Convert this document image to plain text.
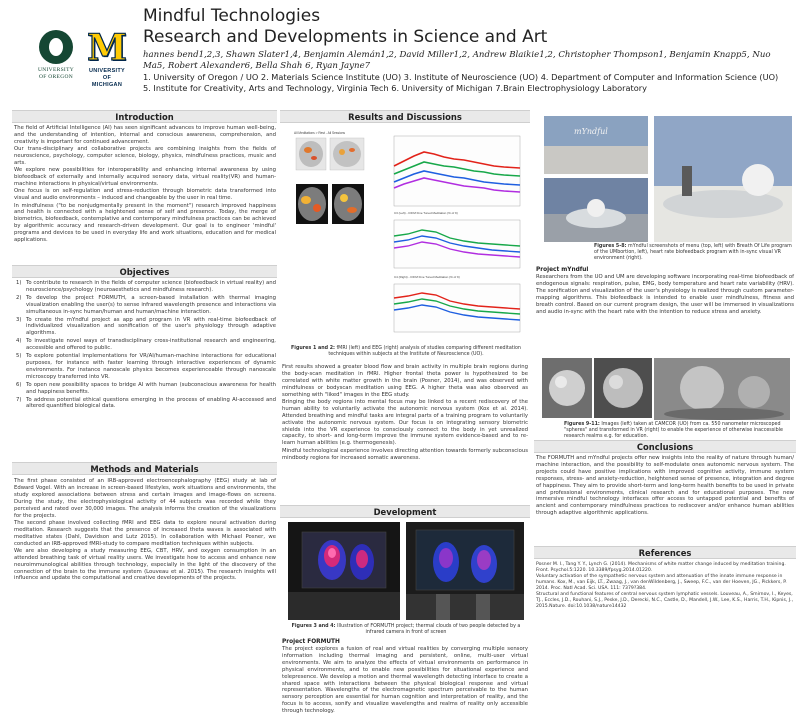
UNIVERSITY
OF OREGON
M
UNIVERSITY OF
MICHIGAN
Mindful Technologies
Research and Developments in Science and Art
hannes bend1,2,3, Shawn Slater1,4, Benjamin Alemán1,2, David Miller1,2, Andrew Blaikie1,2, Christopher Thompson1, Benjamin Knapp5, Nuo Ma5, Robert Alexander6, Bella Shah 6, Ryan Jayne7
1. University of Oregon / UO 2. Materials Science Institute (UO) 3. Institute of Neuroscience (UO) 4. Department of Computer and Information Science (UO)
5. Institute for Creativity, Arts and Technology, Virginia Tech 6. University of Michigan 7.Brain Electrophysiology Laboratory
Introduction

The field of Artificial Intelligence (AI) has seen significant advances to improve human well-being, and the understanding of intention, internal and conscious awareness, comprehension, and creativity is important for continued advancement.

Our trans-disciplinary and collaborative projects are combining insights from the fields of neuroscience, psychology, computer science, biology, physics, mindfulness practices, music and arts.

We explore new possibilities for interoperability and enhancing internal awareness by using biofeedback of externally and internally acquired sensory data, virtual reality(VR) and human-machine interactions in physical/virtual environments.

One focus is on self-regulation and stress-reduction through biometric data transformed into visual and audio environments – induced and changeable by the user in real time.

In mindfulness ("to be nonjudgmentally present in the moment") research improved happiness and health is connected with a heightened sense of self and presence. Today, the merge of biometrics, biofeedback, contemplative and contemporary mindfulness practices can be achieved by algorithmic accuracy and research-driven development. Our goal is to engineer 'mindful' programs and devices to be used in everyday life and work situations, education and for medical applications.

Objectives
1) To contribute to research in the fields of computer science (biofeedback in virtual reality) and neuroscience/psychology (neuroaesthetics and mindfulness research).
2) To develop the project FORMUTH, a screen-based installation with thermal imaging visualization enabling the user(s) to sense infrared wavelength presence and interactions via simultaneous in-sync human/human and human/machine interaction.
3) To create the mYndful project as app and program in VR with real-time biofeedback of individualized visualization and sonification of the user's physiology through adaptive algorithms.
4) To investigate novel ways of transdisciplinary cross-institutional research and engineering, accessible and offered to public.
5) To explore potential implementations for VR/AI/human-machine interactions for educational purposes, for instance with faster learning through interactive experiences of dynamic environments. For instance nanoscale physics becomes experienceable through nanoscale microscopy transferred into VR.
6) To open new possibility spaces to bridge AI with human (subconscious awareness for health and happiness benefits.
7) To address potential ethical questions emerging in the process of enabling AI-accessed and altered quantified biological data.
Methods and Materials

The first phase consisted of an IRB-approved electroencephalography (EEG) study at lab of Edward Vogel. With an increase in screen-based lifestyles, work situations and environments, the study explored associations between stress and certain images and image-flows on screens. During the study, the electrophysiological activity of 44 subjects was recorded while they perceived and rated over 30,000 images. The analysis informs the creation of the visualizations for the projects.

The second phase involved collecting fMRI and EEG data to explore neural activation during meditation. Research suggests that the presence of increased theta waves is associated with meditative states (Dahl, Davidson and Lutz 2015). In collaboration with Michael Posner, we conducted an IRB-approved fMRI-study to compare meditation techniques within subjects.

We are also developing a study measuring EEG, CBT, HRV, and oxygen consumption in an attended breathing task of virtual reality users. We investigate how to access and enhance new neuroimmunological abilities through technology, especially in the light of the discovery of the connection of the brain to the immune system (Louveau et al. 2015). The research insights will influence and update the computational and creative developments of the projects.

Results and Discussions
All Meditations > Rest - All Sessions
C3 (Left) - IOFM Fine Tuned Meditation (% of 9)
C4 (Right) - IOFM Fine Tuned Meditation (% of 9)
Figures 1 and 2: fMRI (left) and EEG (right) analysis of studies comparing different meditation techniques within subjects at the Institute of Neuroscience (UO).

First results showed a greater blood flow and brain activity in multiple brain regions during the body-scan meditation in fMRI. Higher frontal theta power is hypothesized to be correlated with white matter growth in the brain (Posner, 2014), and was observed with mindfulness or bodyscan meditation using EEG. A higher theta was also observed as something with "liked" images in the EEG study.

Bringing the body regions into mental focus may be linked to a recent rediscovery of the human ability to voluntarily activate the autonomic nervous system (Kox et al. 2014). Attended breathing and mindful tasks are integral parts of a training program to voluntarily activate the autonomic nervous system. Our focus is on integrating sensory biometric shields into the VR experience to consciously connect to the body in yet unrealized capacity, to short- and long-term improve the immune system evidence-based and to re-learn human abilities (e.g. thermogenesis).

Mindful technological experience involves directing attention towards formerly subconscious mindbody regions for increased somatic awareness.

Development
Figures 3 and 4: Illustration of FORMUTH project; thermal clouds of two people detected by a infrared camera in front of screen
Project FORMUTH
The project explores a fusion of real and virtual realities by converging multiple sensory information including thermal imaging and persistent, online, multi-user virtual environments. We aim to analyze the effects of virtual environments on performance in physical environments, and to enable new possibilities for situational experience and telepresence. We develop a motion and thermal wavelength detecting interface to create a shared space with interactions between the physical biological response and virtual representation. Wavelengths of the electromagnetic spectrum perceivable to the human sensory perception are essential for human cognition and interpretation of reality, and the focus is to access, sonify and visualize wavelengths and realms of reality only accessible through technology.
mYndful
Figures 5-8: mYndful screenshots of menu (top, left) with Breath Of Life program of the UMbortion, left), heart rate biofeedback program with in-sync visual VR environment (right).
Project mYndful
Researchers from the UO and UM are developing software incorporating real-time biofeedback of endogenous signals: respiration, pulse, EMG, body temperature and heart rate variability (HRV). The sonification and visualization of the user's physiology is realized through custom parameter-mapping algorithms. This biofeedback is intended to enable user mindfulness, fitness and breath control. Based on our current program design, the user will be immersed in visualizations and audio in-sync with the heart rate with the intention to reduce stress and anxiety.
Figures 9-11: Images (left) taken at CAMCOR (UO) from ca. 550 nanometer microscoped "spheres" and transformed in VR (right) to enable the experience of otherwise inaccessible research realms e.g. for education.
Conclusions
The FORMUTH and mYndful projects offer new insights into the reality of nature through human/ machine interaction, and the possibility to self-modulate ones autonomic nervous system. The projects could have positive implications with improved cognitive activity, immune system responses, stress- and anxiety-reduction, heightened sense of presence, integration and degree of happiness. They aim to provide short-term and long-term health benefits to be used in private and professional environments, clinical research and for educational purposes. The new immersive mindful technology interfaces offer access to untapped potential and benefits of ancient and contemporary mindfulness practices to rediscover and/or enhance human abilities through adaptive algorithmic applications.
References

Posner M. I., Tang Y. Y., Lynch G. (2014). Mechanisms of white matter change induced by meditation training. Front. Psychol.5:1220. 10.3389/fpsyg.2014.01220.

Voluntary activation of the sympathetic nervous system and attenuation of the innate immune response in humans. Kox, M., van Eijk, LT., Zwaag, J., van denWildenberg, J., Sweep, F.C., van der Hoeven, JG., Pickkers, P. 2014. Proc. Natl Acad. Sci. USA. 111: 7379?384.

Structural and functional features of central nervous system lymphatic vessels. Louveau, A., Smirnov, I., Keyes, TJ., Eccles, J.D., Rouhani, S.J., Peske, J.D., Derecki, N.C., Castle, D., Mandell, J.W., Lee, K.S., Harris, T.H., Kipnis, J., 2015.Nature. doi:10.1038/nature14432
